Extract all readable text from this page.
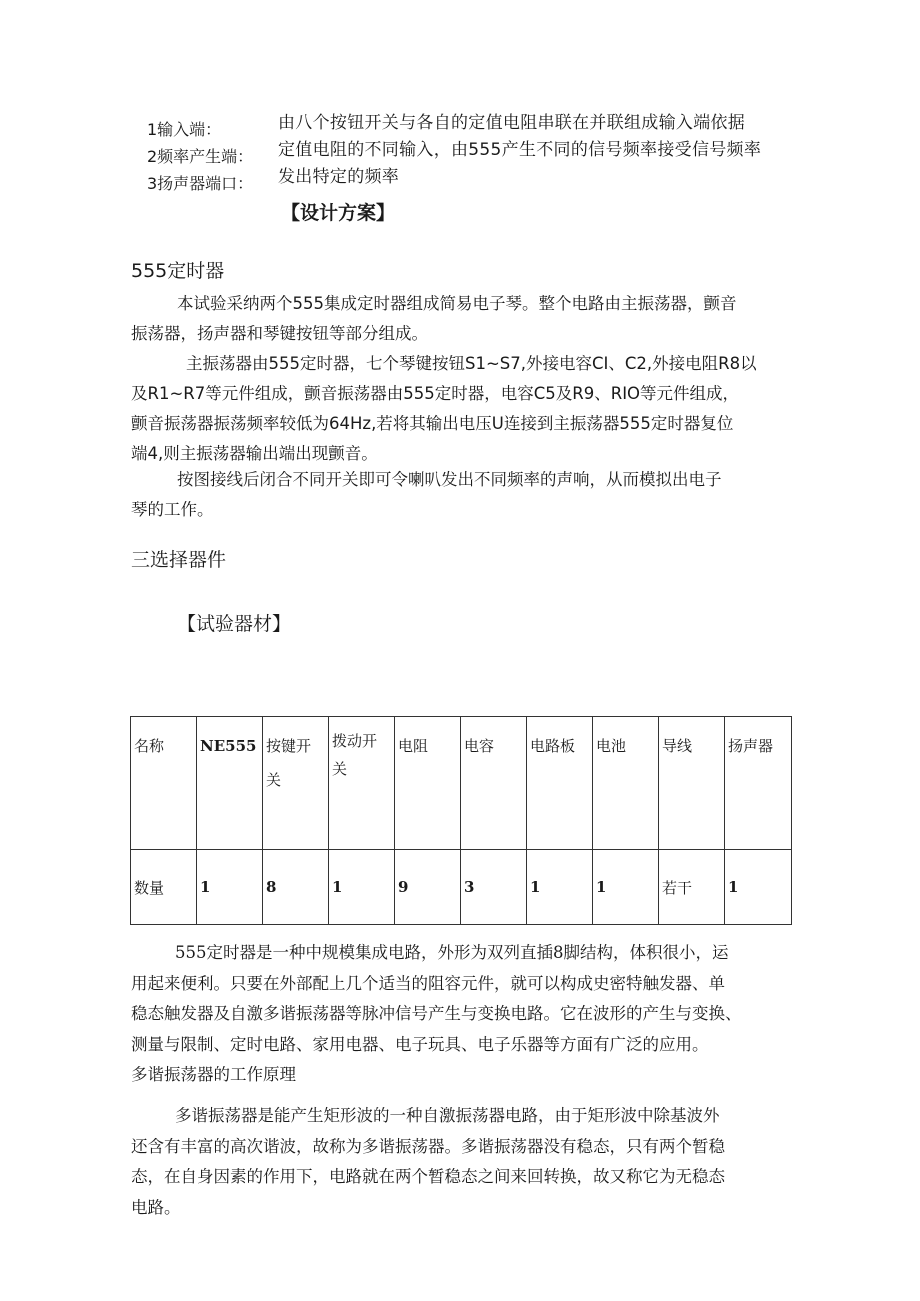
1输入端：
2频率产生端：
3扬声器端口：
由八个按钮开关与各自的定值电阻串联在并联组成输入端依据
定值电阻的不同输入，由555产生不同的信号频率接受信号频率
发出特定的频率
【设计方案】
555定时器
本试验采纳两个555集成定时器组成简易电子琴。整个电路由主振荡器，颤音
振荡器，扬声器和琴键按钮等部分组成。
主振荡器由555定时器，七个琴键按钮S1~S7,外接电容CI、C2,外接电阻R8以
及R1~R7等元件组成，颤音振荡器由555定时器，电容C5及R9、RIO等元件组成，
颤音振荡器振荡频率较低为64Hz,若将其输出电压U连接到主振荡器555定时器复位
端4,则主振荡器输出端出现颤音。
按图接线后闭合不同开关即可令喇叭发出不同频率的声响，从而模拟出电子
琴的工作。
三选择器件
【试验器材】
名称	NE555	按键开关	拨动开关	电阻	电容	电路板	电池	导线	扬声器
数量	1	8	1	9	3	1	1	若干	1
555定时器是一种中规模集成电路，外形为双列直插8脚结构，体积很小，运
用起来便利。只要在外部配上几个适当的阻容元件，就可以构成史密特触发器、单
稳态触发器及自激多谐振荡器等脉冲信号产生与变换电路。它在波形的产生与变换、
测量与限制、定时电路、家用电器、电子玩具、电子乐器等方面有广泛的应用。
多谐振荡器的工作原理
多谐振荡器是能产生矩形波的一种自激振荡器电路，由于矩形波中除基波外
还含有丰富的高次谐波，故称为多谐振荡器。多谐振荡器没有稳态，只有两个暂稳
态，在自身因素的作用下，电路就在两个暂稳态之间来回转换，故又称它为无稳态
电路。
